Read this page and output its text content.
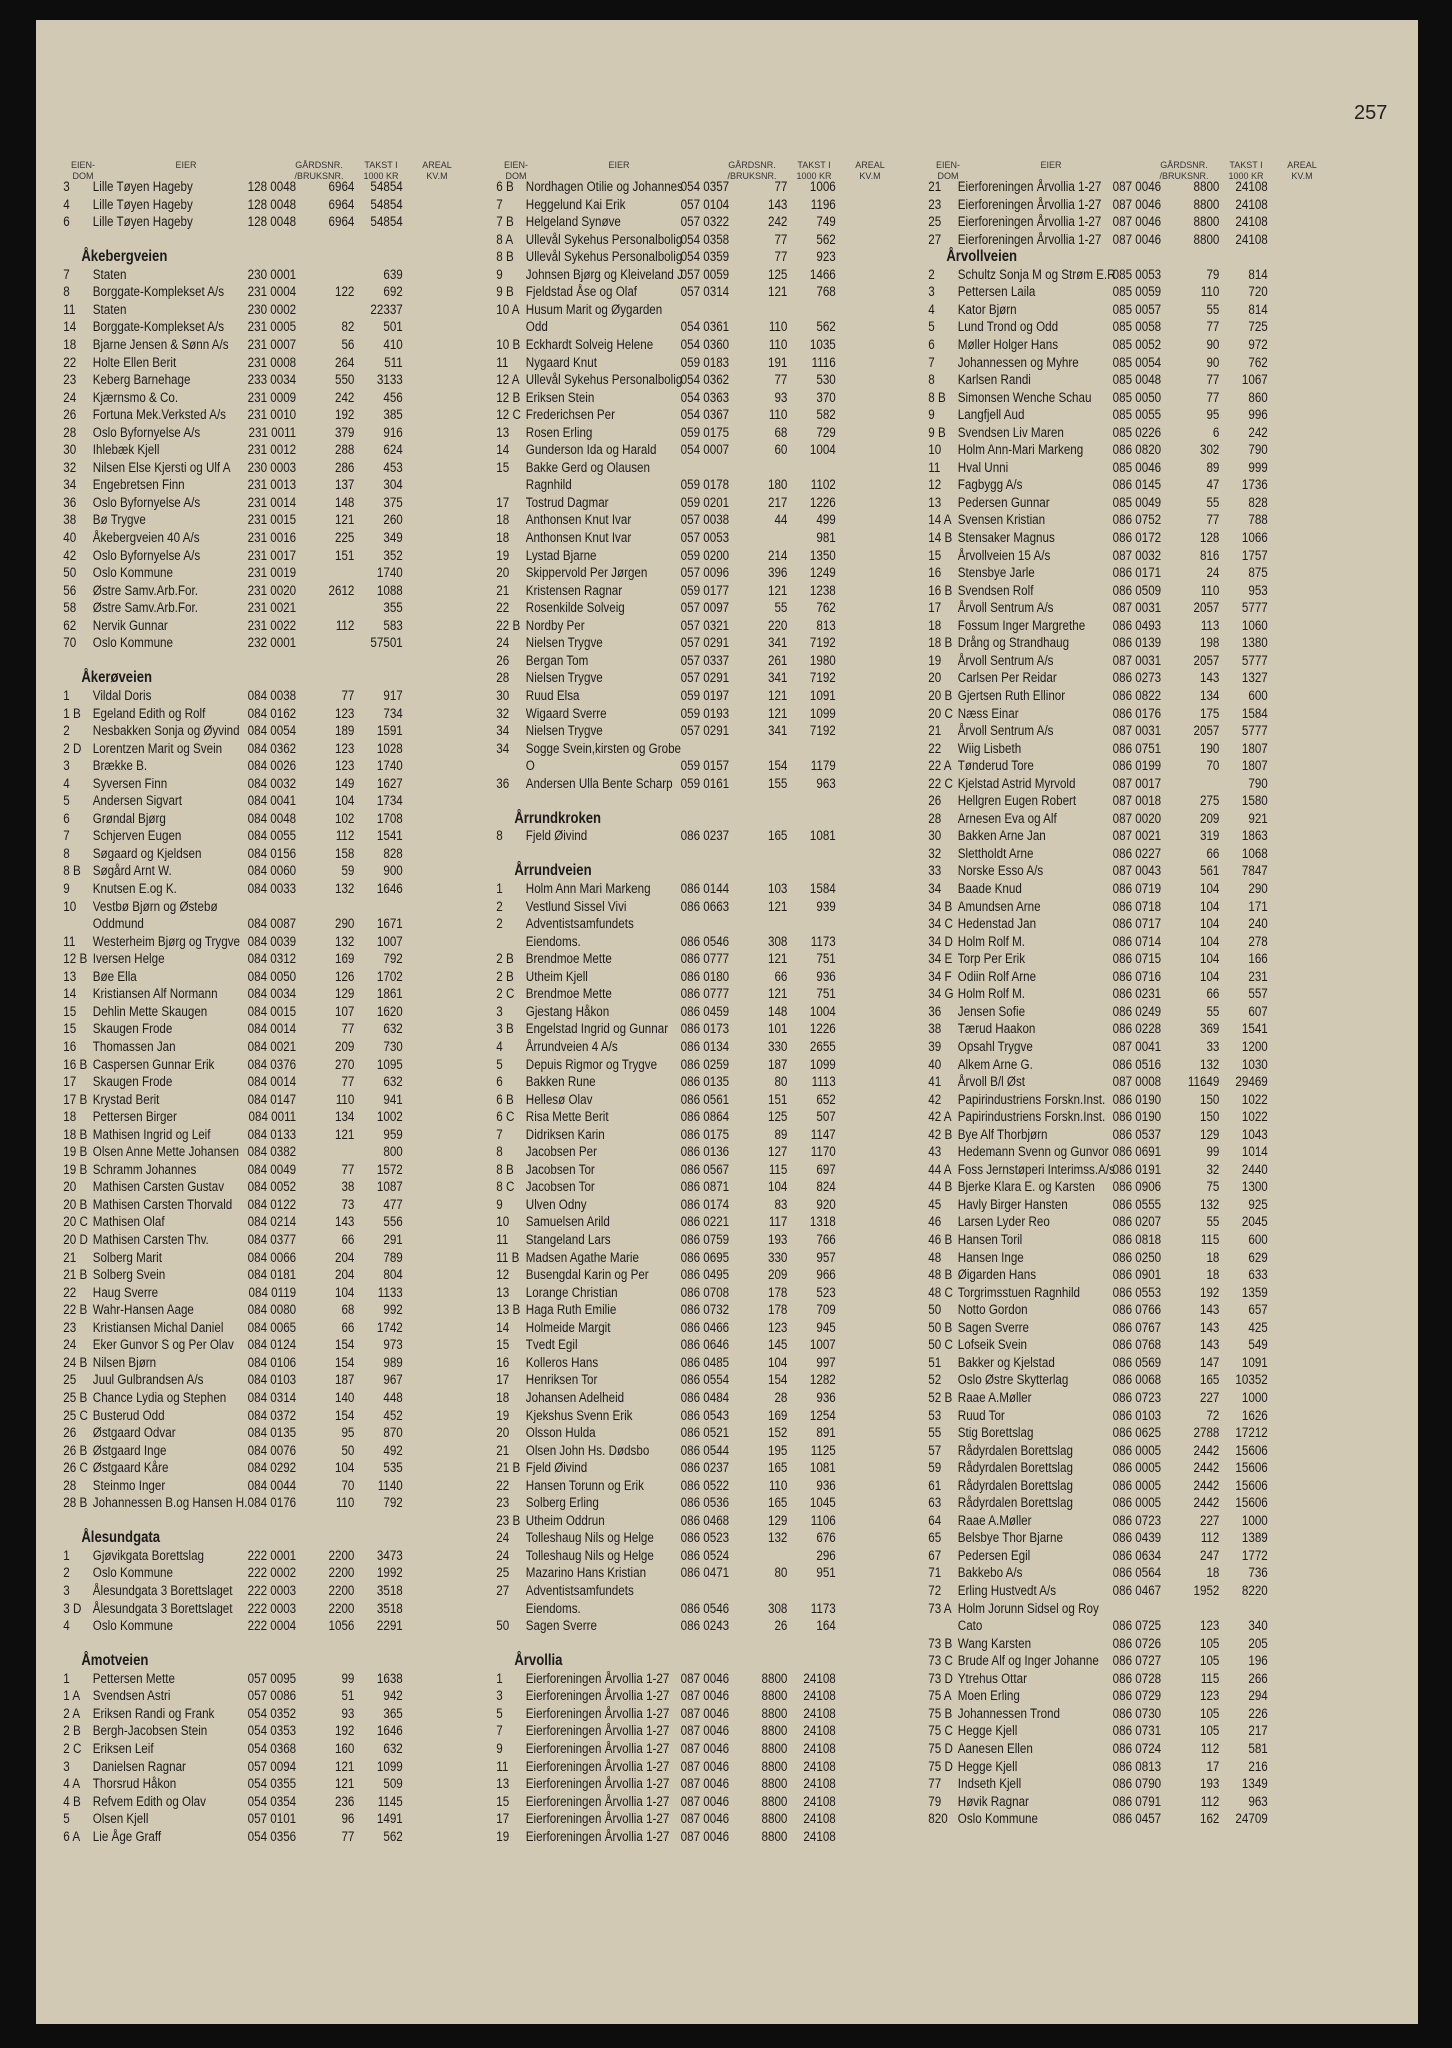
257
EIEN-DOM
EIER	GÅRDSNR. /BRUKSNR.
TAKST I 1000 KR
AREAL KV.M
3 Lille Tøyen Hageby	128 0048 6964 54854
4 Lille Tøyen Hageby	128 0048 6964 54854
6 Lille Tøyen Hageby	128 0048 6964 54854
Åkebergveien
7 Staten	230 0001	639
8 Borggate-Komplekset A/s 231 0004	122 692
11 Staten	230 0002	22337
14 Borggate-Komplekset A/s 231 0005	82 501
18 Bjarne Jensen & Sønn A/s 231 0007	56 410
22 Holte Ellen Berit	231 0008	264 511
23 Keberg Barnehage	233 0034	550 3133
24 Kjærnsmo & Co.	231 0009	242 456
26 Fortuna Mek.Verksted A/s 231 0010	192 385
28 Oslo Byfornyelse A/s	231 0011	379 916
30 Ihlebæk Kjell	231 0012	288 624
32 Nilsen Else Kjersti og Ulf A 230 0003	286 453
34 Engebretsen Finn	231 0013	137 304
36 Oslo Byfornyelse A/s	231 0014	148 375
38 Bø Trygve	231 0015	121 260
40 Åkebergveien 40 A/s	231 0016	225 349
42 Oslo Byfornyelse A/s	231 0017	151 352
50 Oslo Kommune	231 0019	1740
56 Østre Samv.Arb.For.	231 0020 2612 1088
58 Østre Samv.Arb.For.	231 0021	355
62 Nervik Gunnar	231 0022	112 583
70 Oslo Kommune	232 0001	57501
Åkerøveien
1 Vildal Doris	084 0038	77 917
1 B Egeland Edith og Rolf	084 0162	123 734
2 Nesbakken Sonja og Øyvind 084 0054	189 1591
2 D Lorentzen Marit og Svein 084 0362	123 1028
3 Brække B.	084 0026	123 1740
4 Syversen Finn	084 0032	149 1627
5 Andersen Sigvart	084 0041	104 1734
6 Grøndal Bjørg	084 0048	102 1708
7 Schjerven Eugen	084 0055	112 1541
8 Søgaard og Kjeldsen	084 0156	158 828
8 B Søgård Arnt W.	084 0060	59 900
9 Knutsen E.og K.	084 0033	132 1646
10 Vestbø Bjørn og Østebø
Oddmund	084 0087	290 1671
11 Westerheim Bjørg og Trygve 084 0039	132 1007
12 B Iversen Helge	084 0312	169 792
13 Bøe Ella	084 0050	126 1702
14 Kristiansen Alf Normann 084 0034	129 1861
15 Dehlin Mette Skaugen	084 0015	107 1620
15 Skaugen Frode	084 0014	77 632
16 Thomassen Jan	084 0021	209 730
16 B Caspersen Gunnar Erik 084 0376	270 1095
17 Skaugen Frode	084 0014	77 632
17 B Krystad Berit	084 0147	110 941
18 Pettersen Birger	084 0011	134 1002
18 B Mathisen Ingrid og Leif	084 0133	121 959
19 B Olsen Anne Mette Johansen 084 0382	800
19 B Schramm Johannes	084 0049	77 1572
20 Mathisen Carsten Gustav 084 0052	38 1087
20 B Mathisen Carsten Thorvald 084 0122	73 477
20 C Mathisen Olaf	084 0214	143 556
20 D Mathisen Carsten Thv.	084 0377	66 291
21 Solberg Marit	084 0066	204 789
21 B Solberg Svein	084 0181	204 804
22 Haug Sverre	084 0119	104 1133
22 B Wahr-Hansen Aage	084 0080	68 992
23 Kristiansen Michal Daniel 084 0065	66 1742
24 Eker Gunvor S og Per Olav 084 0124	154 973
24 B Nilsen Bjørn	084 0106	154 989
25 Juul Gulbrandsen A/s	084 0103	187 967
25 B Chance Lydia og Stephen 084 0314	140 448
25 C Busterud Odd	084 0372	154 452
26 Østgaard Odvar	084 0135	95 870
26 B Østgaard Inge	084 0076	50 492
26 C Østgaard Kåre	084 0292	104 535
28 Steinmo Inger	084 0044	70 1140
28 B Johannessen B.og Hansen H. 084 0176	110 792
Ålesundgata
1 Gjøvikgata Borettslag	222 0001 2200 3473
2 Oslo Kommune	222 0002 2200 1992
3 Ålesundgata 3 Borettslaget 222 0003 2200 3518
3 D Ålesundgata 3 Borettslaget 222 0003 2200 3518
4 Oslo Kommune	222 0004 1056 2291
Åmotveien
1 Pettersen Mette	057 0095	99 1638
1 A Svendsen Astri	057 0086	51 942
2 A Eriksen Randi og Frank 054 0352	93 365
2 B Bergh-Jacobsen Stein	054 0353	192 1646
2 C Eriksen Leif	054 0368	160 632
3 Danielsen Ragnar	057 0094	121 1099
4 A Thorsrud Håkon	054 0355	121 509
4 B Refvem Edith og Olav	054 0354	236 1145
5 Olsen Kjell	057 0101	96 1491
6 A Lie Åge Graff	054 0356	77 562
EIEN-DOM
EIER	GÅRDSNR. /BRUKSNR.
TAKST I 1000 KR
AREAL KV.M
6 B Nordhagen Otilie og Johannes
054 0357	77 1006
7 Heggelund Kai Erik	057 0104	143 1196
7 B Helgeland Synøve	057 0322	242 749
8 A Ullevål Sykehus Personalbolig
054 0358	77 562
8 B Ullevål Sykehus Personalbolig
054 0359	77 923
9 Johnsen Bjørg og Kleiveland J
057 0059	125 1466
9 B Fjeldstad Åse og Olaf	057 0314	121 768
10 A Husum Marit og Øygarden
Odd	054 0361	110 562
10 B Eckhardt Solveig Helene 054 0360	110 1035
11 Nygaard Knut	059 0183	191 1116
12 A Ullevål Sykehus Personalbolig
054 0362	77 530
12 B Eriksen Stein	054 0363	93 370
12 C Frederichsen Per	054 0367	110 582
13 Rosen Erling	059 0175	68 729
14 Gunderson Ida og Harald 054 0007	60 1004
15 Bakke Gerd og Olausen
Ragnhild	059 0178	180 1102
17 Tostrud Dagmar	059 0201	217 1226
18 Anthonsen Knut Ivar	057 0038	44 499
18 Anthonsen Knut Ivar	057 0053	981
19 Lystad Bjarne	059 0200	214 1350
20 Skippervold Per Jørgen 057 0096	396 1249
21 Kristensen Ragnar	059 0177	121 1238
22 Rosenkilde Solveig	057 0097	55 762
22 B Nordby Per	057 0321	220 813
24 Nielsen Trygve	057 0291	341 7192
26 Bergan Tom	057 0337	261 1980
28 Nielsen Trygve	057 0291	341 7192
30 Ruud Elsa	059 0197	121 1091
32 Wigaard Sverre	059 0193	121 1099
34 Nielsen Trygve	057 0291	341 7192
34 Sogge Svein,kirsten og Grobe
O	059 0157	154 1179
36 Andersen Ulla Bente Scharp 059 0161	155 963
Årrundkroken
8 Fjeld Øivind	086 0237	165 1081
Årrundveien
1 Holm Ann Mari Markeng 086 0144	103 1584
2 Vestlund Sissel Vivi	086 0663	121 939
2 Adventistsamfundets
Eiendoms.	086 0546	308 1173
2 B Brendmoe Mette	086 0777	121 751
2 B Utheim Kjell	086 0180	66 936
2 C Brendmoe Mette	086 0777	121 751
3 Gjestang Håkon	086 0459	148 1004
3 B Engelstad Ingrid og Gunnar 086 0173	101 1226
4 Årrundveien 4 A/s	086 0134	330 2655
5 Depuis Rigmor og Trygve 086 0259	187 1099
6 Bakken Rune	086 0135	80 1113
6 B Hellesø Olav	086 0561	151 652
6 C Risa Mette Berit	086 0864	125 507
7 Didriksen Karin	086 0175	89 1147
8 Jacobsen Per	086 0136	127 1170
8 B Jacobsen Tor	086 0567	115 697
8 C Jacobsen Tor	086 0871	104 824
9 Ulven Odny	086 0174	83 920
10 Samuelsen Arild	086 0221	117 1318
11 Stangeland Lars	086 0759	193 766
11 B Madsen Agathe Marie	086 0695	330 957
12 Busengdal Karin og Per 086 0495	209 966
13 Lorange Christian	086 0708	178 523
13 B Haga Ruth Emilie	086 0732	178 709
14 Holmeide Margit	086 0466	123 945
15 Tvedt Egil	086 0646	145 1007
16 Kolleros Hans	086 0485	104 997
17 Henriksen Tor	086 0554	154 1282
18 Johansen Adelheid	086 0484	28 936
19 Kjekshus Svenn Erik	086 0543	169 1254
20 Olsson Hulda	086 0521	152 891
21 Olsen John Hs. Dødsbo 086 0544	195 1125
21 B Fjeld Øivind	086 0237	165 1081
22 Hansen Torunn og Erik	086 0522	110 936
23 Solberg Erling	086 0536	165 1045
23 B Utheim Oddrun	086 0468	129 1106
24 Tolleshaug Nils og Helge 086 0523	132 676
24 Tolleshaug Nils og Helge 086 0524	296
25 Mazarino Hans Kristian 086 0471	80 951
27 Adventistsamfundets
Eiendoms.	086 0546	308 1173
50 Sagen Sverre	086 0243	26 164
Årvollia
1 Eierforeningen Årvollia 1-27 087 0046 8800 24108
3 Eierforeningen Årvollia 1-27 087 0046 8800 24108
5 Eierforeningen Årvollia 1-27 087 0046 8800 24108
7 Eierforeningen Årvollia 1-27 087 0046 8800 24108
9 Eierforeningen Årvollia 1-27 087 0046 8800 24108
11 Eierforeningen Årvollia 1-27 087 0046 8800 24108
13 Eierforeningen Årvollia 1-27 087 0046 8800 24108
15 Eierforeningen Årvollia 1-27 087 0046 8800 24108
17 Eierforeningen Årvollia 1-27 087 0046 8800 24108
19 Eierforeningen Årvollia 1-27 087 0046 8800 24108
EIEN-DOM
EIER	GÅRDSNR. /BRUKSNR.
TAKST I 1000 KR
AREAL KV.M
21 Eierforeningen Årvollia 1-27 087 0046 8800 24108
23 Eierforeningen Årvollia 1-27 087 0046 8800 24108
25 Eierforeningen Årvollia 1-27 087 0046 8800 24108
27 Eierforeningen Årvollia 1-27 087 0046 8800 24108
Årvollveien
2 Schultz Sonja M og Strøm E.R
085 0053	79 814
3 Pettersen Laila	085 0059	110 720
4 Kator Bjørn	085 0057	55 814
5 Lund Trond og Odd	085 0058	77 725
6 Møller Holger Hans	085 0052	90 972
7 Johannessen og Myhre 085 0054	90 762
8 Karlsen Randi	085 0048	77 1067
8 B Simonsen Wenche Schau 085 0050	77 860
9 Langfjell Aud	085 0055	95 996
9 B Svendsen Liv Maren	085 0226	6 242
10 Holm Ann-Mari Markeng 086 0820	302 790
11 Hval Unni	085 0046	89 999
12 Fagbygg A/s	086 0145	47 1736
13 Pedersen Gunnar	085 0049	55 828
14 A Svensen Kristian	086 0752	77 788
14 B Stensaker Magnus	086 0172	128 1066
15 Årvollveien 15 A/s	087 0032	816 1757
16 Stensbye Jarle	086 0171	24 875
16 B Svendsen Rolf	086 0509	110 953
17 Årvoll Sentrum A/s	087 0031 2057 5777
18 Fossum Inger Margrethe 086 0493	113 1060
18 B Drång og Strandhaug	086 0139	198 1380
19 Årvoll Sentrum A/s	087 0031 2057 5777
20 Carlsen Per Reidar	086 0273	143 1327
20 B Gjertsen Ruth Ellinor	086 0822	134 600
20 C Næss Einar	086 0176	175 1584
21 Årvoll Sentrum A/s	087 0031 2057 5777
22 Wiig Lisbeth	086 0751	190 1807
22 A Tønderud Tore	086 0199	70 1807
22 C Kjelstad Astrid Myrvold	087 0017	790
26 Hellgren Eugen Robert	087 0018	275 1580
28 Arnesen Eva og Alf	087 0020	209 921
30 Bakken Arne Jan	087 0021	319 1863
32 Slettholdt Arne	086 0227	66 1068
33 Norske Esso A/s	087 0043	561 7847
34 Baade Knud	086 0719	104 290
34 B Amundsen Arne	086 0718	104 171
34 C Hedenstad Jan	086 0717	104 240
34 D Holm Rolf M.	086 0714	104 278
34 E Torp Per Erik	086 0715	104 166
34 F Odiin Rolf Arne	086 0716	104 231
34 G Holm Rolf M.	086 0231	66 557
36 Jensen Sofie	086 0249	55 607
38 Tærud Haakon	086 0228	369 1541
39 Opsahl Trygve	087 0041	33 1200
40 Alkem Arne G.	086 0516	132 1030
41 Årvoll B/l Øst	087 0008 11649 29469
42 Papirindustriens Forskn.Inst. 086 0190	150 1022
42 A Papirindustriens Forskn.Inst. 086 0190	150 1022
42 B Bye Alf Thorbjørn	086 0537	129 1043
43 Hedemann Svenn og Gunvor 086 0691	99 1014
44 A Foss Jernstøperi Interimss.A/s
086 0191	32 2440
44 B Bjerke Klara E. og Karsten 086 0906	75 1300
45 Havly Birger Hansten	086 0555	132 925
46 Larsen Lyder Reo	086 0207	55 2045
46 B Hansen Toril	086 0818	115 600
48 Hansen Inge	086 0250	18 629
48 B Øigarden Hans	086 0901	18 633
48 C Torgrimsstuen Ragnhild 086 0553	192 1359
50 Notto Gordon	086 0766	143 657
50 B Sagen Sverre	086 0767	143 425
50 C Lofseik Svein	086 0768	143 549
51 Bakker og Kjelstad	086 0569	147 1091
52 Oslo Østre Skytterlag	086 0068	165 10352
52 B Raae A.Møller	086 0723	227 1000
53 Ruud Tor	086 0103	72 1626
55 Stig Borettslag	086 0625 2788 17212
57 Rådyrdalen Borettslag	086 0005 2442 15606
59 Rådyrdalen Borettslag	086 0005 2442 15606
61 Rådyrdalen Borettslag	086 0005 2442 15606
63 Rådyrdalen Borettslag	086 0005 2442 15606
64 Raae A.Møller	086 0723	227 1000
65 Belsbye Thor Bjarne	086 0439	112 1389
67 Pedersen Egil	086 0634	247 1772
71 Bakkebo A/s	086 0564	18 736
72 Erling Hustvedt A/s	086 0467 1952 8220
73 A Holm Jorunn Sidsel og Roy
Cato	086 0725	123 340
73 B Wang Karsten	086 0726	105 205
73 C Brude Alf og Inger Johanne 086 0727	105 196
73 D Ytrehus Ottar	086 0728	115 266
75 A Moen Erling	086 0729	123 294
75 B Johannessen Trond	086 0730	105 226
75 C Hegge Kjell	086 0731	105 217
75 D Aanesen Ellen	086 0724	112 581
75 D Hegge Kjell	086 0813	17 216
77 Indseth Kjell	086 0790	193 1349
79 Høvik Ragnar	086 0791	112 963
820 Oslo Kommune	086 0457	162 24709
